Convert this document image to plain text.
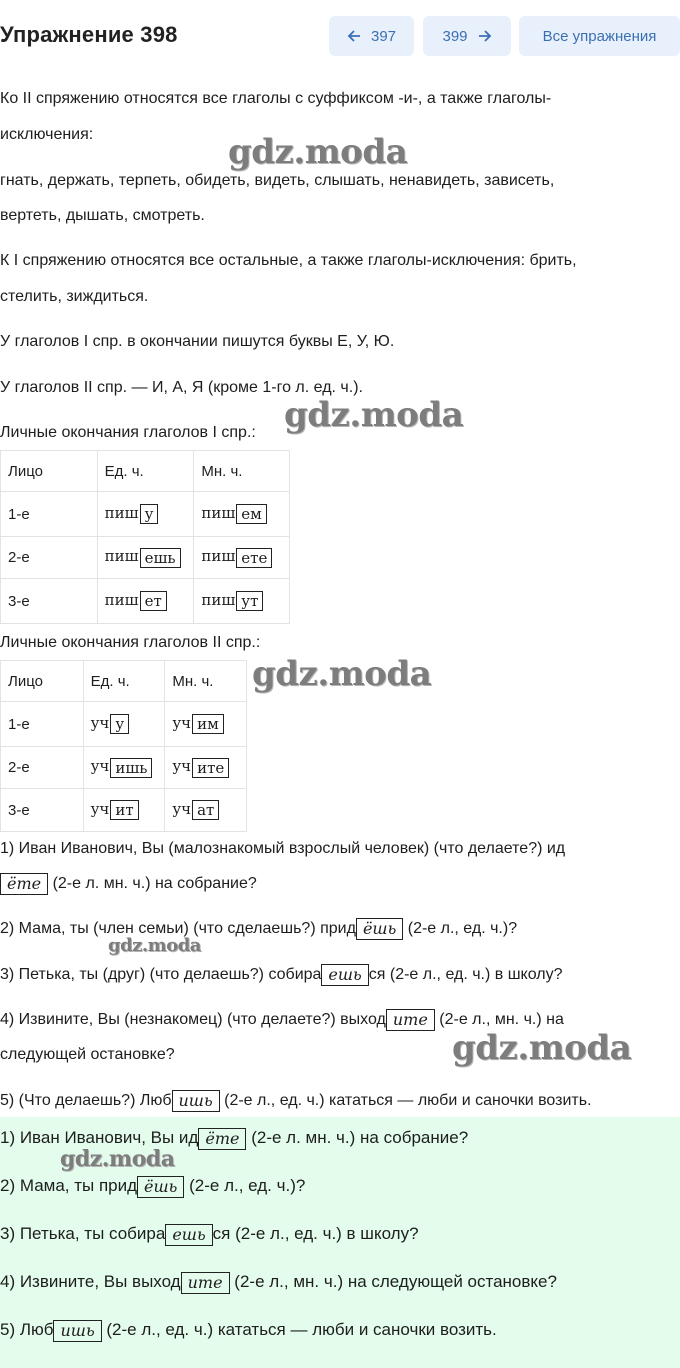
Упражнение 398	397	399	Все упражнения
Ко II спряжению относятся все глаголы с суффиксом -и-, а также глаголы-
исключения:
гнать, держать, терпеть, обидеть, видеть, слышать, ненавидеть, зависеть,
вертеть, дышать, смотреть.
К I спряжению относятся все остальные, а также глаголы-исключения: брить,
стелить, зиждиться.
У глаголов I спр. в окончании пишутся буквы Е, У, Ю.
У глаголов II спр. — И, А, Я (кроме 1-го л. ед. ч.).
Личные окончания глаголов I спр.:
Лицо	Ед. ч.	Мн. ч.
1-е	пиш у	пиш ем
2-е	пиш ешь	пиш ете
3-е	пиш ет	пиш ут
Личные окончания глаголов II спр.:
Лицо	Ед. ч.	Мн. ч.
1-е	уч у	уч им
2-е	уч ишь	уч ите
3-е	уч ит	уч ат
1) Иван Иванович, Вы (малознакомый взрослый человек) (что делаете?) ид
ёте (2-е л. мн. ч.) на собрание?
2) Мама, ты (член семьи) (что сделаешь?) прид ёшь (2-е л., ед. ч.)?
3) Петька, ты (друг) (что делаешь?) собира ешь ся (2-е л., ед. ч.) в школу?
4) Извините, Вы (незнакомец) (что делаете?) выход ите (2-е л., мн. ч.) на
следующей остановке?
5) (Что делаешь?) Люб ишь (2-е л., ед. ч.) кататься — люби и саночки возить.
1) Иван Иванович, Вы ид ёте (2-е л. мн. ч.) на собрание?
2) Мама, ты прид ёшь (2-е л., ед. ч.)?
3) Петька, ты собира ешь ся (2-е л., ед. ч.) в школу?
4) Извините, Вы выход ите (2-е л., мн. ч.) на следующей остановке?
5) Люб ишь (2-е л., ед. ч.) кататься — люби и саночки возить.
gdz.moda
gdz.moda
gdz.moda
gdz.moda
gdz.moda
gdz.moda
